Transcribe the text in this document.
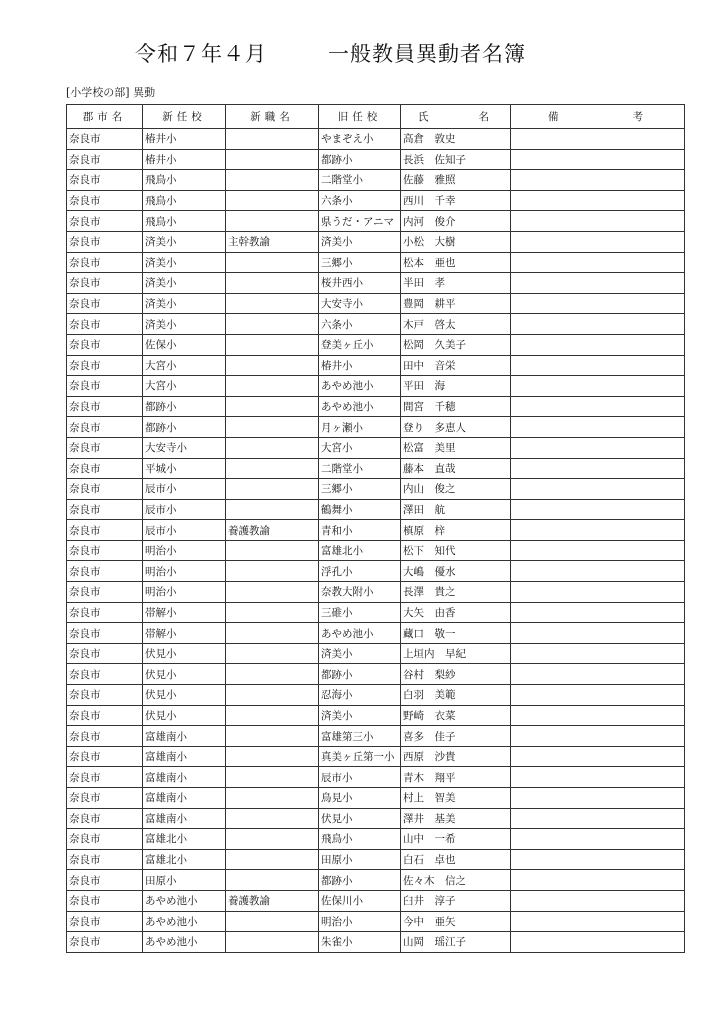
令和７年４月	一般教員異動者名簿
[小学校の部] 異動
郡市名	新任校	新職名	旧任校	氏 名	備 考
奈良市	椿井小		やまぞえ小	高倉　敦史	
奈良市	椿井小		都跡小	長浜　佐知子	
奈良市	飛鳥小		二階堂小	佐藤　雅照	
奈良市	飛鳥小		六条小	西川　千幸	
奈良市	飛鳥小		県うだ・アニマ	内河　俊介	
奈良市	済美小	主幹教諭	済美小	小松　大樹	
奈良市	済美小		三郷小	松本　亜也	
奈良市	済美小		桜井西小	半田　孝	
奈良市	済美小		大安寺小	豊岡　耕平	
奈良市	済美小		六条小	木戸　啓太	
奈良市	佐保小		登美ヶ丘小	松岡　久美子	
奈良市	大宮小		椿井小	田中　音栄	
奈良市	大宮小		あやめ池小	平田　海	
奈良市	都跡小		あやめ池小	間宮　千穂	
奈良市	都跡小		月ヶ瀬小	登り　多恵人	
奈良市	大安寺小		大宮小	松富　美里	
奈良市	平城小		二階堂小	藤本　直哉	
奈良市	辰市小		三郷小	内山　俊之	
奈良市	辰市小		鶴舞小	澤田　航	
奈良市	辰市小	養護教諭	青和小	槙原　梓	
奈良市	明治小		富雄北小	松下　知代	
奈良市	明治小		浮孔小	大嶋　優水	
奈良市	明治小		奈教大附小	長澤　貴之	
奈良市	帯解小		三碓小	大矢　由香	
奈良市	帯解小		あやめ池小	藏口　敬一	
奈良市	伏見小		済美小	上垣内　早紀	
奈良市	伏見小		都跡小	谷村　梨紗	
奈良市	伏見小		忍海小	白羽　美範	
奈良市	伏見小		済美小	野崎　衣菜	
奈良市	富雄南小		富雄第三小	喜多　佳子	
奈良市	富雄南小		真美ヶ丘第一小	西原　沙貴	
奈良市	富雄南小		辰市小	青木　翔平	
奈良市	富雄南小		鳥見小	村上　智美	
奈良市	富雄南小		伏見小	澤井　基美	
奈良市	富雄北小		飛鳥小	山中　一希	
奈良市	富雄北小		田原小	白石　卓也	
奈良市	田原小		都跡小	佐々木　信之	
奈良市	あやめ池小	養護教諭	佐保川小	臼井　淳子	
奈良市	あやめ池小		明治小	今中　亜矢	
奈良市	あやめ池小		朱雀小	山岡　瑶江子	
